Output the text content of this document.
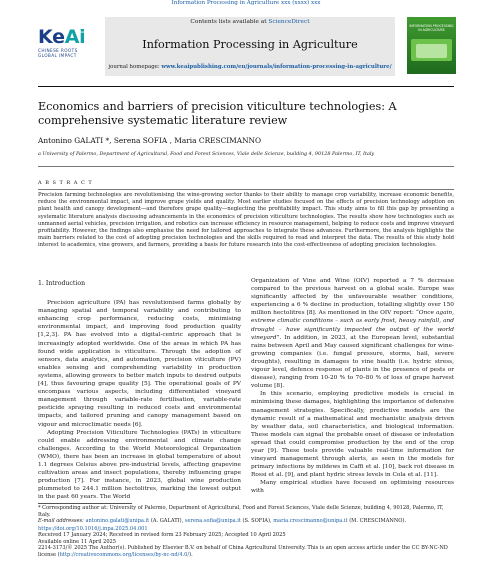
Information Processing in Agriculture xxx (xxxx) xxx
KeAi
CHINESE ROOTS
GLOBAL IMPACT
Contents lists available at ScienceDirect
Information Processing in Agriculture
journal homepage: www.keaipublishing.com/en/journals/information-processing-in-agriculture/
INFORMATION PROCESSING IN AGRICULTURE
Economics and barriers of precision viticulture technologies: A comprehensive systematic literature review
Antonino GALATI *, Serena SOFIA , Maria CRESCIMANNO
a University of Palermo, Department of Agricultural, Food and Forest Sciences, Viale delle Scienze, building 4, 90128 Palermo, IT, Italy
A B S T R A C T
Precision farming technologies are revolutionising the wine-growing sector thanks to their ability to manage crop variability, increase economic benefits, reduce the environmental impact, and improve grape yields and quality. Most earlier studies focused on the effects of precision technology adoption on plant health and canopy development—and therefore grape quality—neglecting the profitability impact. This study aims to fill this gap by presenting a systematic literature analysis discussing advancements in the economics of precision viticulture technologies. The results show how technologies such as unmanned aerial vehicles, precision irrigation, and robotics can increase efficiency in resource management, helping to reduce costs and improve vineyard profitability. However, the findings also emphasise the need for tailored approaches to integrate these advances. Furthermore, the analysis highlights the main barriers related to the cost of adopting precision technologies and the skills required to read and interpret the data. The results of this study hold interest to academics, vine growers, and farmers, providing a basis for future research into the cost-effectiveness of adopting precision technologies.
1. Introduction

Precision agriculture (PA) has revolutionised farms globally by managing spatial and temporal variability and contributing to enhancing crop performance, reducing costs, minimising environmental impact, and improving food production quality [1,2,3]. PA has evolved into a digital-centric approach that is increasingly adopted worldwide. One of the areas in which PA has found wide application is viticulture. Through the adoption of sensors, data analytics, and automation, precision viticulture (PV) enables sensing and comprehending variability in production systems, allowing growers to better match inputs to desired outputs [4], thus favouring grape quality [5]. The operational goals of PV encompass various aspects, including differentiated vineyard management through variable-rate fertilisation, variable-rate pesticide spraying resulting in reduced costs and environmental impacts, and tailored pruning and canopy management based on vigour and microclimatic needs [6].

Adopting Precision Viticulture Technologies (PATs) in viticulture could enable addressing environmental and climate change challenges. According to the World Meteorological Organization (WMO), there has been an increase in global temperature of about 1.1 degrees Celsius above pre-industrial levels, affecting grapevine cultivation areas and insect populations, thereby influencing grape production [7]. For instance, in 2023, global wine production plummeted to 244.1 million hectolitres, marking the lowest output in the past 60 years. The World

Organization of Vine and Wine (OIV) reported a 7 % decrease compared to the previous harvest on a global scale. Europe was significantly affected by the unfavourable weather conditions, experiencing a 6 % decline in production, totalling slightly over 150 million hectolitres [8]. As mentioned in the OIV report: “Once again, extreme climatic conditions – such as early frost, heavy rainfall, and drought – have significantly impacted the output of the world vineyard”. In addition, in 2023, at the European level, substantial rains between April and May caused significant challenges for wine-growing companies (i.e. fungal pressure, storms, hail, severe droughts), resulting in damages to vine health (i.e. hydric stress, vigour level, defence response of plants in the presence of pests or disease), ranging from 10-20 % to 70–80 % of loss of grape harvest volume [8].

In this scenario, employing predictive models is crucial in minimising these damages, highlighting the importance of defensive management strategies. Specifically, predictive models are the dynamic result of a mathematical and mechanistic analysis driven by weather data, soil characteristics, and biological information. These models can signal the probable onset of disease or infestation spread that could compromise production by the end of the crop year [9]. These tools provide valuable real-time information for vineyard management through alerts, as seen in the models for primary infections by mildews in Caffi et al. [10], back rot disease in Rossi et al. [9], and plant hydric stress levels in Cola et al. [11].

Many empirical studies have focused on optimising resources with

* Corresponding author at: University of Palermo, Department of Agricultural, Food and Forest Sciences, Viale delle Scienze, building 4, 90128, Palermo, IT, Italy.
E-mail addresses: antonino.galati@unipa.it (A. GALATI), serena.sofia@unipa.it (S. SOFIA), maria.crescimanno@unipa.it (M. CRESCIMANNO).
https://doi.org/10.1016/j.inpa.2025.04.001
Received 17 January 2024; Received in revised form 23 February 2025; Accepted 10 April 2025
Available online 11 April 2025
2214-3173/© 2025 The Author(s). Published by Elsevier B.V. on behalf of China Agricultural University. This is an open access article under the CC BY-NC-ND license (http://creativecommons.org/licenses/by-nc-nd/4.0/).
